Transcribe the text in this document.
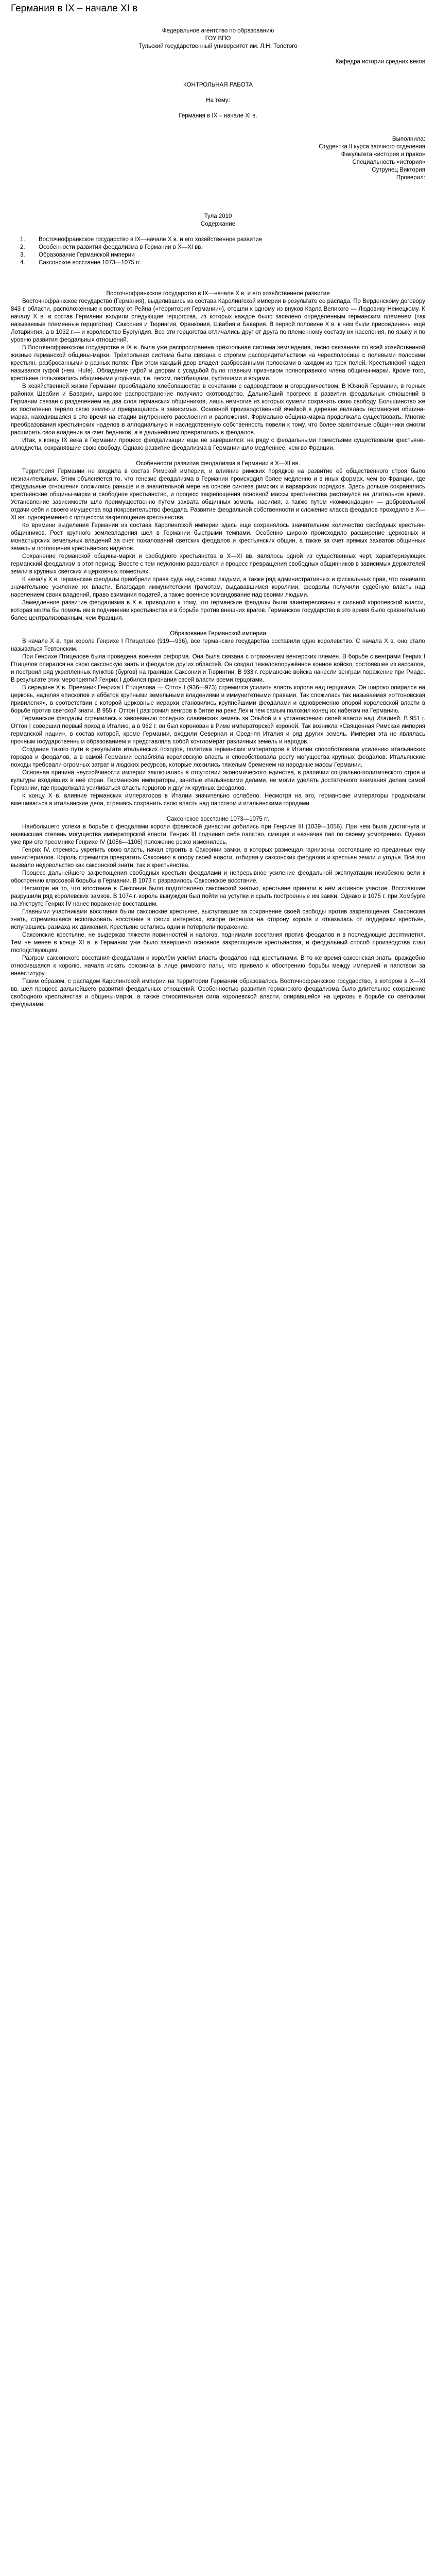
Германия в IX – начале XI в

Федеральное агентство по образованию

ГОУ ВПО

Тульский государственный университет им. Л.Н. Толстого

Кафедра истории средних веков

КОНТРОЛЬНАЯ РАБОТА

На тему:

Германия в IX – начале XI в.

Выполнила:

Студентка II курса заочного отделения

Факультета «история и право»

Специальность «история»

Сутрунец Виктория

Проверил:

Тула 2010

Содержание

1. Восточнофранкское государство в IX—начале X в. и его хозяйственное развитие

2. Особенности развития феодализма в Германии в X—XI вв.

3. Образование Германской империи

4. Саксонское восстание 1073—1075 гг.

Восточнофранкское государство в IX—начале X в. и его хозяйственное развитие

Восточнофранкское государство (Германия), выделившись из состава Каролингской империи в результате ее распада. По Верденскому договору 843 г. области, расположенные к востоку от Рейна («территория Германии»), отошли к одному из внуков Карла Великого — Людовику Немецкому. К началу X в. в состав Германии входили следующие герцогства, из которых каждое было заселено определенным германским племенем (так называемые племенные герцогства): Саксония и Тюрингия, Франкония, Швабия и Бавария. В первой половине X в. к ним были присоединены ещё Лотарингия, а в 1032 г.— и королевство Бургундия. Все эти герцогства отличались друг от друга по племенному составу их населения, по языку и по уровню развития феодальных отношений.

В Восточнофранкском государстве в IX в. была уже распространена трёхпольная система земледелия, тесно связанная со всей хозяйственной жизнью германской общины-марки. Трёхпольная система была связана с строгим распорядительством на чересполосице с полевыми полосами крестьян, разбросанными в разных полях. При этом каждый двор владел разбросанными полосками в каждом из трех полей. Крестьянский надел назывался гуфой (нем. Hufe). Обладание гуфой и дворам с усадьбой было главным признаком полноправного члена общины-марки. Кроме того, крестьяне пользовались общинными угодьями, т.е. лесом, пастбищами, пустошами и водами.

В хозяйственной жизни Германии преобладало хлебопашество в сочетании с садоводством и огородничеством. В Южной Германии, в горных районах Швабии и Баварии, широкое распространение получило скотоводство. Дальнейший прогресс в развитии феодальных отношений в Германии связан с разделением на два слоя германских общинников, лишь немногие из которых сумели сохранить свою свободу. Большинство же их постепенно теряло свою землю и превращалось в зависимых. Основной производственной ячейкой в деревне являлась германская община-марка, находившаяся в это время на стадии внутреннего расслоения и разложения. Формально община-марка продолжала существовать. Многие преобразования крестьянских наделов в аллодиальную и наследственную собственность повели к тому, что более зажиточные общинники смогли расширять свои владения за счет бедняков, а в дальнейшем превратились в феодалов.

Итак, к концу IX века в Германии процесс феодализации еще не завершился: на ряду с феодальными поместьями существовали крестьяне-аллодисты, сохранявшие свою свободу. Однако развитие феодализма в Германии шло медленнее, чем во Франции.

Особенности развития феодализма в Германии в X—XI вв.

Территория Германии не входила в состав Римской империи, и влияние римских порядков на развитие её общественного строя было незначительным. Этим объясняется то, что генезис феодализма в Германии происходил более медленно и в иных формах, чем во Франции, где феодальные отношения сложились раньше и в значительной мере на основе синтеза римских и варварских порядков. Здесь дольше сохранялись крестьянские общины-марки и свободное крестьянство, и процесс закрепощения основной массы крестьянства растянулся на длительное время. Установление зависимости шло преимущественно путем захвата общинных земель, насилия, а также путем «коммендации» — добровольной отдачи себя и своего имущества под покровительство феодала. Развитие феодальной собственности и сложение класса феодалов проходило в X—XI вв. одновременно с процессом закрепощения крестьянства.

Ко времени выделения Германии из состава Каролингской империи здесь еще сохранялось значительное количество свободных крестьян-общинников. Рост крупного землевладения шел в Германии быстрыми темпами. Особенно широко происходило расширение церковных и монастырских земельных владений за счет пожалований светских феодалов и крестьянских общин, а также за счет прямых захватов общинных земель и поглощения крестьянских наделов.

Сохранение германской общины-марки и свободного крестьянства в X—XI вв. являлось одной из существенных черт, характеризующих германский феодализм в этот период. Вместе с тем неуклонно развивался и процесс превращения свободных общинников в зависимых держателей земли в крупных светских и церковных поместьях.

К началу X в. германские феодалы приобрели права суда над своими людьми, а также ряд административных и фискальных прав, что означало значительное усиление их власти. Благодаря иммунитетским грамотам, выдававшимся королями, феодалы получили судебную власть над населением своих владений, право взимания податей, а также военное командование над своими людьми.

Замедленное развитие феодализма в X в. приводило к тому, что германские феодалы были заинтересованы в сильной королевской власти, которая могла бы помочь им в подчинении крестьянства и в борьбе против внешних врагов. Германское государство в это время было сравнительно более централизованным, чем Франция.

Образование Германской империи

В начале X в. при короле Генрихе I Птицелове (919—936), все германские государства составили одно королевство. С начала X в. оно стало называться Тевтонским.

При Генрихе Птицелове была проведена военная реформа. Она была связана с отражением венгерских племен. В борьбе с венграми Генрих I Птицелов опирался на свою саксонскую знать и феодалов других областей. Он создал тяжеловооружённое конное войско, состоявшее из вассалов, и построил ряд укреплённых пунктов (бургов) на границах Саксонии и Тюрингии. В 933 г. германские войска нанесли венграм поражение при Риаде. В результате этих мероприятий Генрих I добился признания своей власти всеми герцогами.

В середине X в. Преемник Генриха I Птицелова — Оттон I (936—973) стремился усилить власть короля над герцогами. Он широко опирался на церковь, наделяя епископов и аббатов крупными земельными владениями и иммунитетными правами. Так сложилась так называемая «оттоновская привилегия», в соответствии с которой церковные иерархи становились крупнейшими феодалами и одновременно опорой королевской власти в борьбе против светской знати. В 955 г. Оттон I разгромил венгров в битве на реке Лех и тем самым положил конец их набегам на Германию.

Германские феодалы стремились к завоеванию соседних славянских земель за Эльбой и к установлению своей власти над Италией. В 951 г. Оттон I совершил первый поход в Италию, а в 962 г. он был коронован в Риме императорской короной. Так возникла «Священная Римская империя германской нации», в состав которой, кроме Германии, входили Северная и Средняя Италия и ряд других земель. Империя эта не являлась прочным государственным образованием и представляла собой конгломерат различных земель и народов.

Создание такого пути в результате итальянских походов, политика германских императоров в Италии способствовала усилению итальянских городов и феодалов, а в самой Германии ослабляла королевскую власть и способствовала росту могущества крупных феодалов. Итальянские походы требовали огромных затрат и людских ресурсов, которые ложились тяжелым бременем на народные массы Германии.

Основная причина неустойчивости империи заключалась в отсутствии экономического единства, в различии социально-политического строя и культуры входивших в неё стран. Германские императоры, занятые итальянскими делами, не могли уделять достаточного внимания делам самой Германии, где продолжала усиливаться власть герцогов и других крупных феодалов.

К концу X в. влияние германских императоров в Италии значительно ослабело. Несмотря на это, германские императоры продолжали вмешиваться в итальянские дела, стремясь сохранить свою власть над папством и итальянскими городами.

Саксонское восстание 1073—1075 гг.

Наибольшего успеха в борьбе с феодалами короли франкской династии добились при Генрихе III (1039—1056). При нем была достигнута и наивысшая степень могущества императорской власти. Генрих III подчинил себе папство, смещая и назначая пап по своему усмотрению. Однако уже при его преемнике Генрихе IV (1056—1106) положение резко изменилось.

Генрих IV, стремясь укрепить свою власть, начал строить в Саксонии замки, в которых размещал гарнизоны, состоявшие из преданных ему министериалов. Король стремился превратить Саксонию в опору своей власти, отбирая у саксонских феодалов и крестьян земли и угодья. Всё это вызвало недовольство как саксонской знати, так и крестьянства.

Процесс дальнейшего закрепощения свободных крестьян феодалами и непрерывное усиление феодальной эксплуатации неизбежно вели к обострению классовой борьбы в Германии. В 1073 г. разразилось Саксонское восстание.

Несмотря на то, что восстание в Саксонии было подготовлено саксонской знатью, крестьяне приняли в нём активное участие. Восставшие разрушили ряд королевских замков. В 1074 г. король вынужден был пойти на уступки и срыть построенные им замки. Однако в 1075 г. при Хомбурге на Унструте Генрих IV нанес поражение восставшим.

Главными участниками восстания были саксонские крестьяне, выступавшие за сохранение своей свободы против закрепощения. Саксонская знать, стремившаяся использовать восстание в своих интересах, вскоре перешла на сторону короля и отказалась от поддержки крестьян, испугавшись размаха их движения. Крестьяне остались одни и потерпели поражение.

Саксонские крестьяне, не выдержав тяжести повинностей и налогов, поднимали восстания против феодалов и в последующие десятилетия. Тем не менее в конце XI в. в Германии уже было завершено основное закрепощение крестьянства, и феодальный способ производства стал господствующим.

Разгром саксонского восстания феодалами и королём усилил власть феодалов над крестьянами. В то же время саксонская знать, враждебно относившаяся к королю, начала искать союзника в лице римского папы, что привело к обострению борьбы между империей и папством за инвеституру.

Таким образом, с распадом Каролингской империи на территории Германии образовалось Восточнофранкское государство, в котором в X—XI вв. шёл процесс дальнейшего развития феодальных отношений. Особенностью развития германского феодализма было длительное сохранение свободного крестьянства и общины-марки, а также относительная сила королевской власти, опиравшейся на церковь в борьбе со светскими феодалами.
